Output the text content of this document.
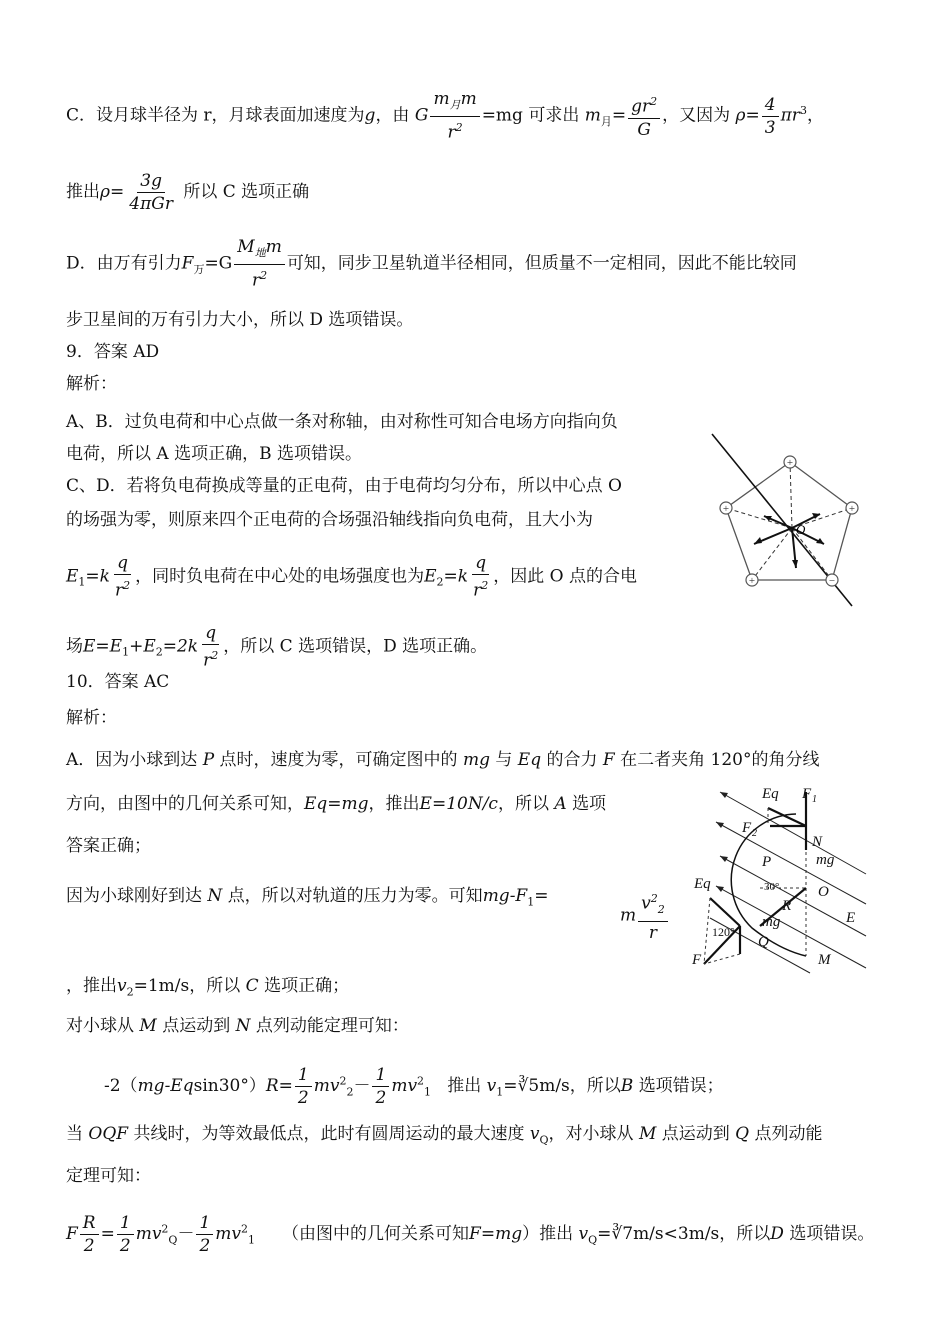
C．设月球半径为 r，月球表面加速度为g，由 G $\frac{m_月m}{r^2} =mg$ 可求出 $m_月= \frac{gr^2}{G}$ ，又因为 $\rho= \frac{4}{3} \pi r^3$，
推出$\rho= \frac{3g}{\text{4πGr}}$ 所以 C 选项正确
D．由万有引力$F_万=G \frac{M_地m}{r^2}$ 可知，同步卫星轨道半径相同，但质量不一定相同，因此不能比较同
步卫星间的万有引力大小，所以 D 选项错误。
9．答案 AD
解析：
A、B．过负电荷和中心点做一条对称轴，由对称性可知合电场方向指向负
电荷，所以 A 选项正确，B 选项错误。
C、D．若将负电荷换成等量的正电荷，由于电荷均匀分布，所以中心点 O
的场强为零，则原来四个正电荷的合场强沿轴线指向负电荷，且大小为
$E_1=k \frac{q}{r^2}$ ，同时负电荷在中心处的电场强度也为$E_2=k \frac{q}{r^2}$ ，因此 O 点的合电
场$E=E_1+E_2=2k \frac{q}{r^2}$ ，所以 C 选项错误，D 选项正确。
O
+
+
+
+	−
10．答案 AC
解析：
A．因为小球到达 P 点时，速度为零，可确定图中的 mg 与 Eq 的合力 F 在二者夹角 120°的角分线
方向，由图中的几何关系可知，Eq=mg，推出E=10N/c，所以 A 选项
答案正确；
因为小球刚好到达 N 点，所以对轨道的压力为零。可知$mg-F_1=$
m $\frac{v^2_2}{r}$
，推出$v_2=1m/s$，所以 C 选项正确；
对小球从 M 点运动到 N 点列动能定理可知：
$-2(mg-Eqsin30^\circ)R= \frac{1}{2} mv^2_2- \frac{1}{2} mv^2_1$ 推出 $v_1=∛5m/s$，所以B 选项错误；
当 OQF 共线时，为等效最低点，此时有圆周运动的最大速度 $v_Q$，对小球从 M 点运动到 Q 点列动能
定理可知：
F $\frac{R}{2} = \frac{1}{2} mv^2_Q- \frac{1}{2} mv^2_1$ （由图中的几何关系可知F=mg）推出 $v_Q=∛7m/s<3m/s$，所以D 选项错误。
Eq F 1
F 2
N
mg
P
30°	O
R
E
Eq
mg
120°
Q
F	M
